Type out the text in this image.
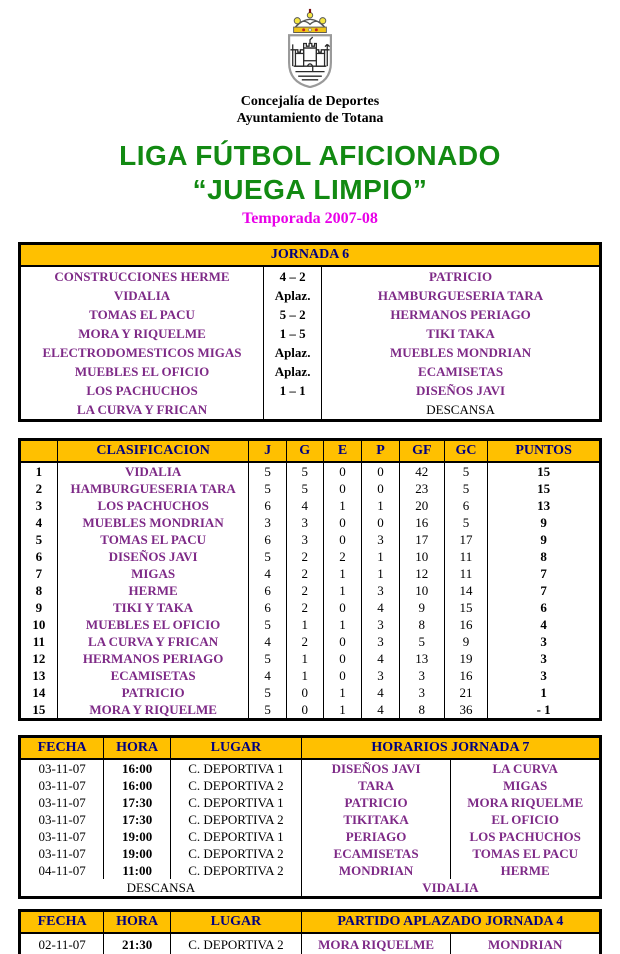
Concejalía de Deportes
Ayuntamiento de Totana
LIGA FÚTBOL AFICIONADO
“JUEGA LIMPIO”
Temporada 2007-08
JORNADA 6		
CONSTRUCCIONES HERME	4 – 2	PATRICIO
VIDALIA	Aplaz.	HAMBURGUESERIA TARA
TOMAS EL PACU	5 – 2	HERMANOS PERIAGO
MORA Y RIQUELME	1 – 5	TIKI TAKA
ELECTRODOMESTICOS MIGAS	Aplaz.	MUEBLES MONDRIAN
MUEBLES EL OFICIO	Aplaz.	ECAMISETAS
LOS PACHUCHOS	1 – 1	DISEÑOS JAVI
LA CURVA Y FRICAN		DESCANSA
	CLASIFICACION	J	G	E	P	GF	GC	PUNTOS
1	VIDALIA	5	5	0	0	42	5	15
2	HAMBURGUESERIA TARA	5	5	0	0	23	5	15
3	LOS PACHUCHOS	6	4	1	1	20	6	13
4	MUEBLES MONDRIAN	3	3	0	0	16	5	9
5	TOMAS EL PACU	6	3	0	3	17	17	9
6	DISEÑOS JAVI	5	2	2	1	10	11	8
7	MIGAS	4	2	1	1	12	11	7
8	HERME	6	2	1	3	10	14	7
9	TIKI Y TAKA	6	2	0	4	9	15	6
10	MUEBLES EL OFICIO	5	1	1	3	8	16	4
11	LA CURVA Y FRICAN	4	2	0	3	5	9	3
12	HERMANOS PERIAGO	5	1	0	4	13	19	3
13	ECAMISETAS	4	1	0	3	3	16	3
14	PATRICIO	5	0	1	4	3	21	1
15	MORA Y RIQUELME	5	0	1	4	8	36	- 1
FECHA	HORA	LUGAR	HORARIOS JORNADA 7	
03-11-07	16:00	C. DEPORTIVA 1	DISEÑOS JAVI	LA CURVA
03-11-07	16:00	C. DEPORTIVA 2	TARA	MIGAS
03-11-07	17:30	C. DEPORTIVA 1	PATRICIO	MORA RIQUELME
03-11-07	17:30	C. DEPORTIVA 2	TIKITAKA	EL OFICIO
03-11-07	19:00	C. DEPORTIVA 1	PERIAGO	LOS PACHUCHOS
03-11-07	19:00	C. DEPORTIVA 2	ECAMISETAS	TOMAS EL PACU
04-11-07	11:00	C. DEPORTIVA 2	MONDRIAN	HERME
DESCANSA			VIDALIA	
FECHA	HORA	LUGAR	PARTIDO APLAZADO JORNADA 4	
02-11-07	21:30	C. DEPORTIVA 2	MORA RIQUELME	MONDRIAN
